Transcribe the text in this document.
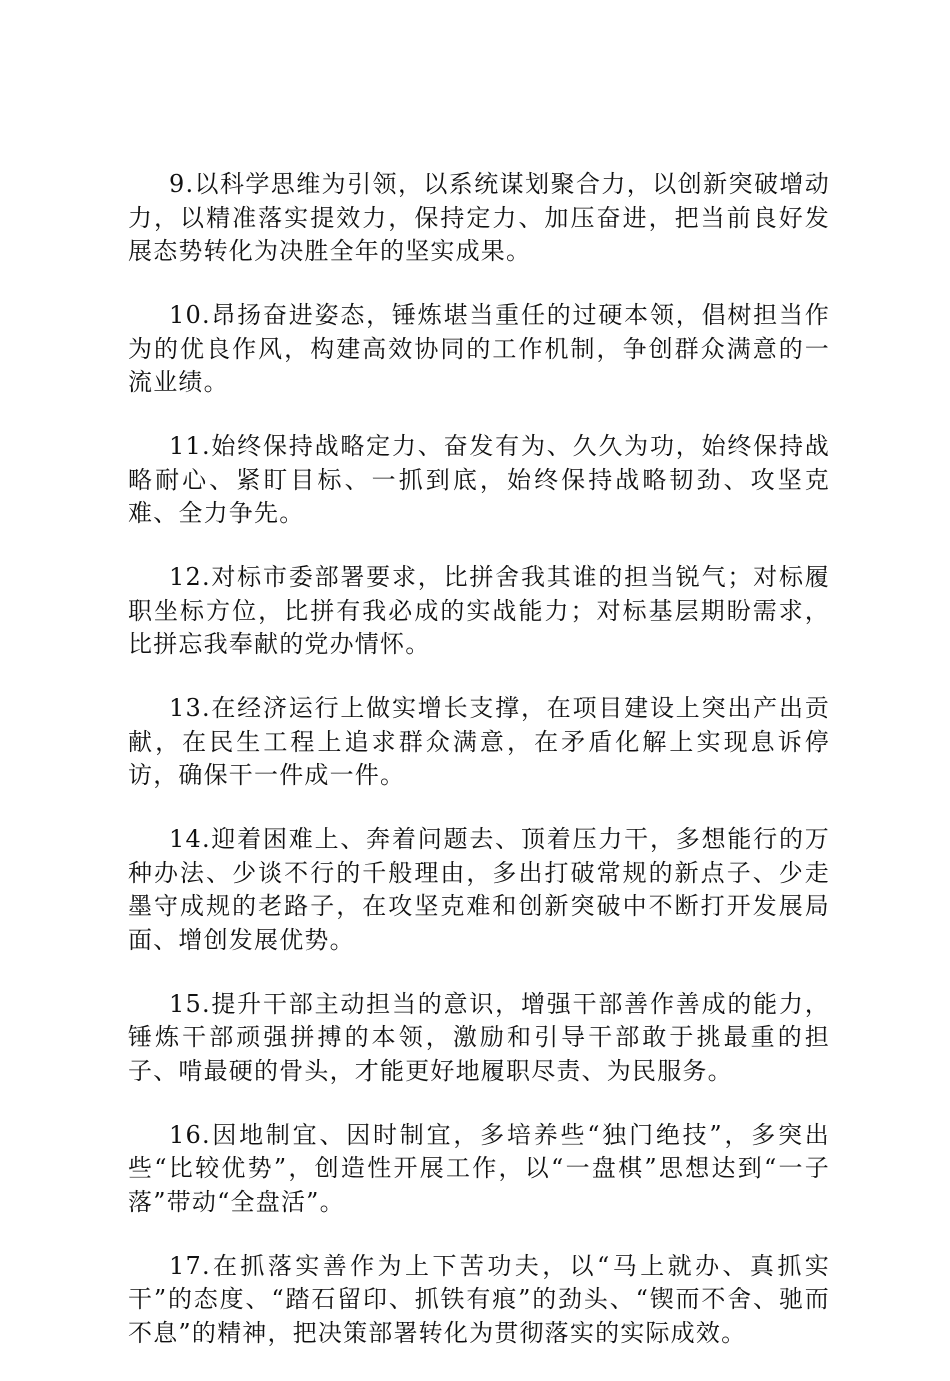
9.以科学思维为引领，以系统谋划聚合力，以创新突破增动力，以精准落实提效力，保持定力、加压奋进，把当前良好发展态势转化为决胜全年的坚实成果。

10.昂扬奋进姿态，锤炼堪当重任的过硬本领，倡树担当作为的优良作风，构建高效协同的工作机制，争创群众满意的一流业绩。

11.始终保持战略定力、奋发有为、久久为功，始终保持战略耐心、紧盯目标、一抓到底，始终保持战略韧劲、攻坚克难、全力争先。

12.对标市委部署要求，比拼舍我其谁的担当锐气；对标履职坐标方位，比拼有我必成的实战能力；对标基层期盼需求，比拼忘我奉献的党办情怀。

13.在经济运行上做实增长支撑，在项目建设上突出产出贡献，在民生工程上追求群众满意，在矛盾化解上实现息诉停访，确保干一件成一件。

14.迎着困难上、奔着问题去、顶着压力干，多想能行的万种办法、少谈不行的千般理由，多出打破常规的新点子、少走墨守成规的老路子，在攻坚克难和创新突破中不断打开发展局面、增创发展优势。

15.提升干部主动担当的意识，增强干部善作善成的能力，锤炼干部顽强拼搏的本领，激励和引导干部敢于挑最重的担子、啃最硬的骨头，才能更好地履职尽责、为民服务。

16.因地制宜、因时制宜，多培养些“独门绝技”，多突出些“比较优势”，创造性开展工作，以“一盘棋”思想达到“一子落”带动“全盘活”。

17.在抓落实善作为上下苦功夫，以“马上就办、真抓实干”的态度、“踏石留印、抓铁有痕”的劲头、“锲而不舍、驰而不息”的精神，把决策部署转化为贯彻落实的实际成效。
